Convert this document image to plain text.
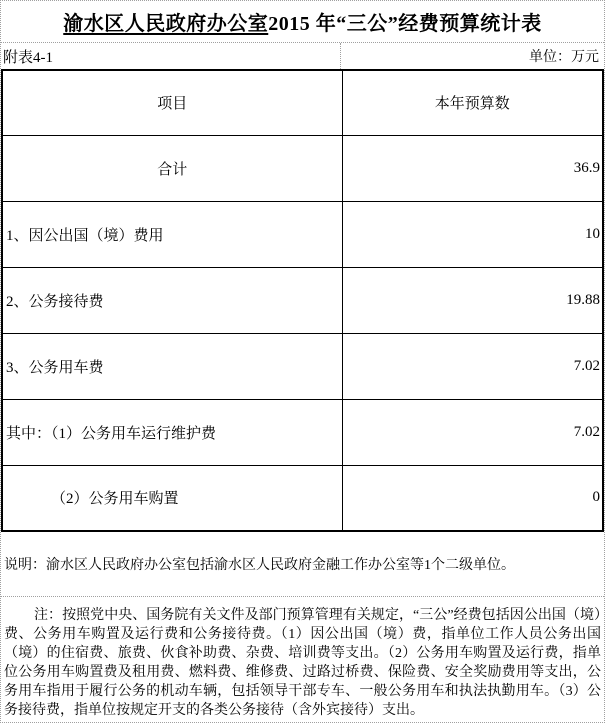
渝水区人民政府办公室 2015 年“三公”经费预算统计表
附表4-1	单位：万元
项目	本年预算数
合计	36.9
1、因公出国（境）费用	10
2、公务接待费	19.88
3、公务用车费	7.02
其中：（1）公务用车运行维护费	7.02
（2）公务用车购置	0
说明：渝水区人民政府办公室包括渝水区人民政府金融工作办公室等1个二级单位。
注：按照党中央、国务院有关文件及部门预算管理有关规定，“三公”经费包括因公出国（境）费、公务用车购置及运行费和公务接待费。（1）因公出国（境）费，指单位工作人员公务出国（境）的住宿费、旅费、伙食补助费、杂费、培训费等支出。（2）公务用车购置及运行费，指单位公务用车购置费及租用费、燃料费、维修费、过路过桥费、保险费、安全奖励费用等支出，公务用车指用于履行公务的机动车辆，包括领导干部专车、一般公务用车和执法执勤用车。（3）公务接待费，指单位按规定开支的各类公务接待（含外宾接待）支出。
